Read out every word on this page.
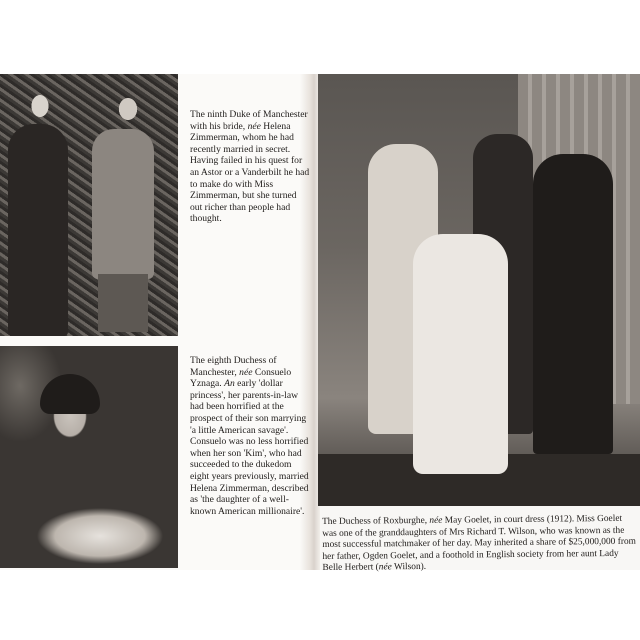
The ninth Duke of Manchester with his bride, née Helena Zimmerman, whom he had recently married in secret. Having failed in his quest for an Astor or a Vanderbilt he had to make do with Miss Zimmerman, but she turned out richer than people had thought.
The eighth Duchess of Manchester, née Consuelo Yznaga. An early 'dollar princess', her parents-in-law had been horrified at the prospect of their son marrying 'a little American savage'. Consuelo was no less horrified when her son 'Kim', who had succeeded to the dukedom eight years previously, married Helena Zimmerman, described as 'the daughter of a well-known American millionaire'.
The Duchess of Roxburghe, née May Goelet, in court dress (1912). Miss Goelet was one of the granddaughters of Mrs Richard T. Wilson, who was known as the most successful matchmaker of her day. May inherited a share of $25,000,000 from her father, Ogden Goelet, and a foothold in English society from her aunt Lady Belle Herbert (née Wilson).
